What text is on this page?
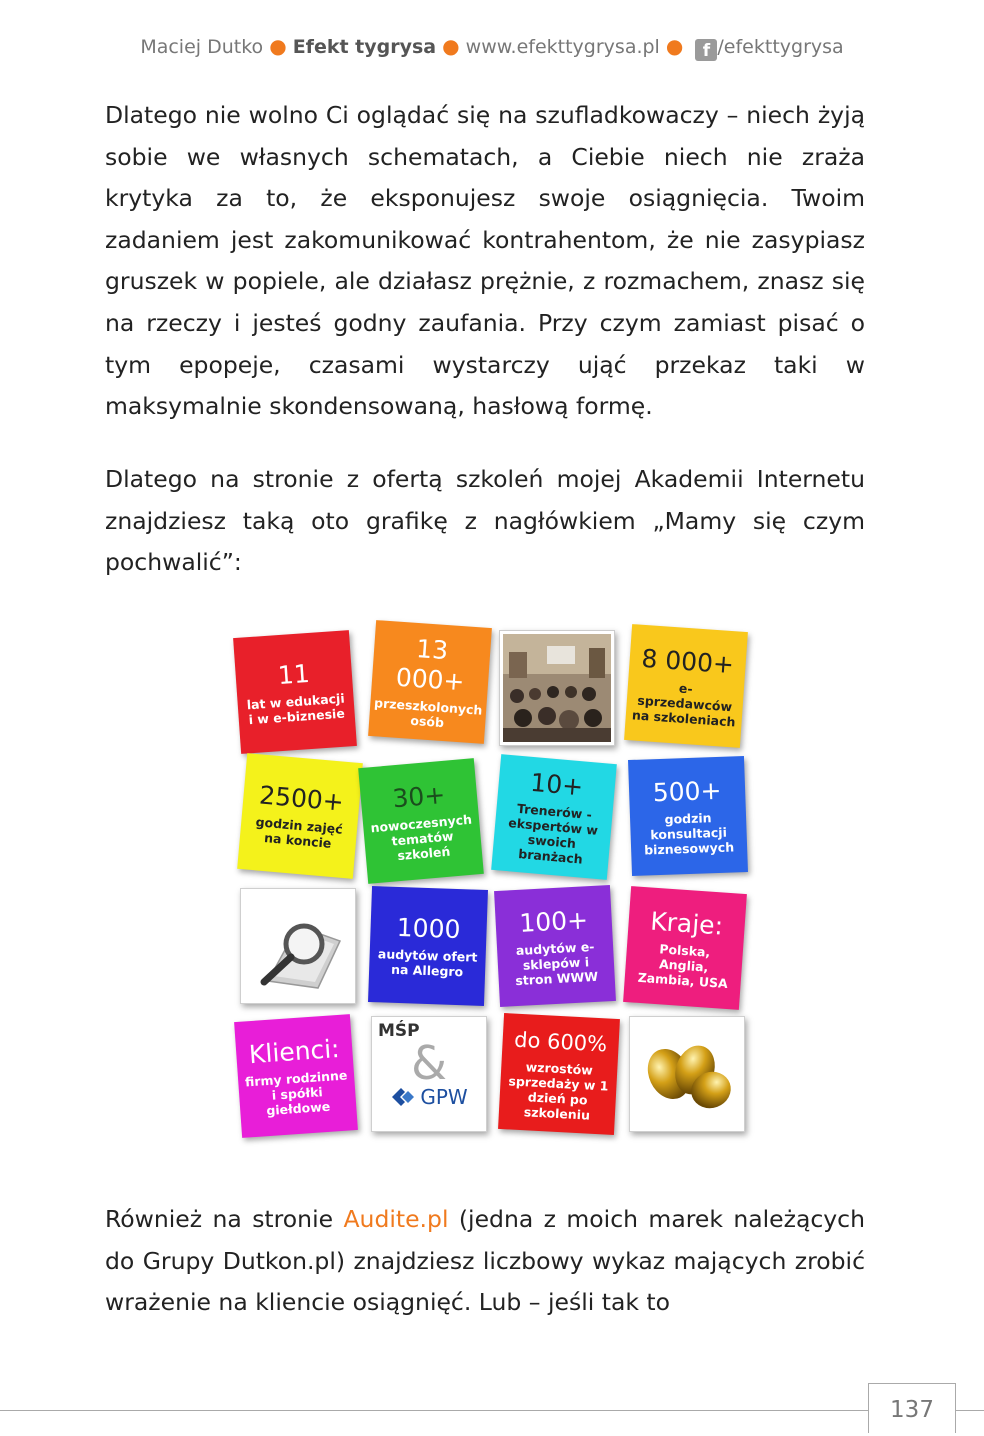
Maciej Dutko ● Efekt tygrysa ● www.efekttygrysa.pl ● f /efekttygrysa

Dlatego nie wolno Ci oglądać się na szufladkowaczy – niech żyją sobie we własnych schematach, a Ciebie niech nie zraża krytyka za to, że eksponujesz swoje osiągnięcia. Twoim zadaniem jest zakomunikować kontrahentom, że nie zasypiasz gruszek w popiele, ale działasz prężnie, z rozmachem, znasz się na rzeczy i jesteś godny zaufania. Przy czym zamiast pisać o tym epopeje, czasami wystarczy ująć przekaz taki w maksymalnie skondensowaną, hasłową formę.

Dlatego na stronie z ofertą szkoleń mojej Akademii Internetu znajdziesz taką oto grafikę z nagłówkiem „Mamy się czym pochwalić”:

11
lat w edukacji i w e-biznesie
13 000+
przeszkolonych osób
8 000+
e-sprzedawców na szkoleniach
2500+
godzin zajęć na koncie
30+
nowoczesnych tematów szkoleń
10+
Trenerów - ekspertów w swoich branżach
500+
godzin konsultacji biznesowych
1000
audytów ofert na Allegro
100+
audytów e-sklepów i stron WWW
Kraje:
Polska, Anglia, Zambia, USA
Klienci:
firmy rodzinne i spółki giełdowe
MŚP
&
GPW
do 600%
wzrostów sprzedaży w 1 dzień po szkoleniu

Również na stronie Audite.pl (jedna z moich marek należących do Grupy Dutkon.pl) znajdziesz liczbowy wykaz mających zrobić wrażenie na kliencie osiągnięć. Lub – jeśli tak to

137
